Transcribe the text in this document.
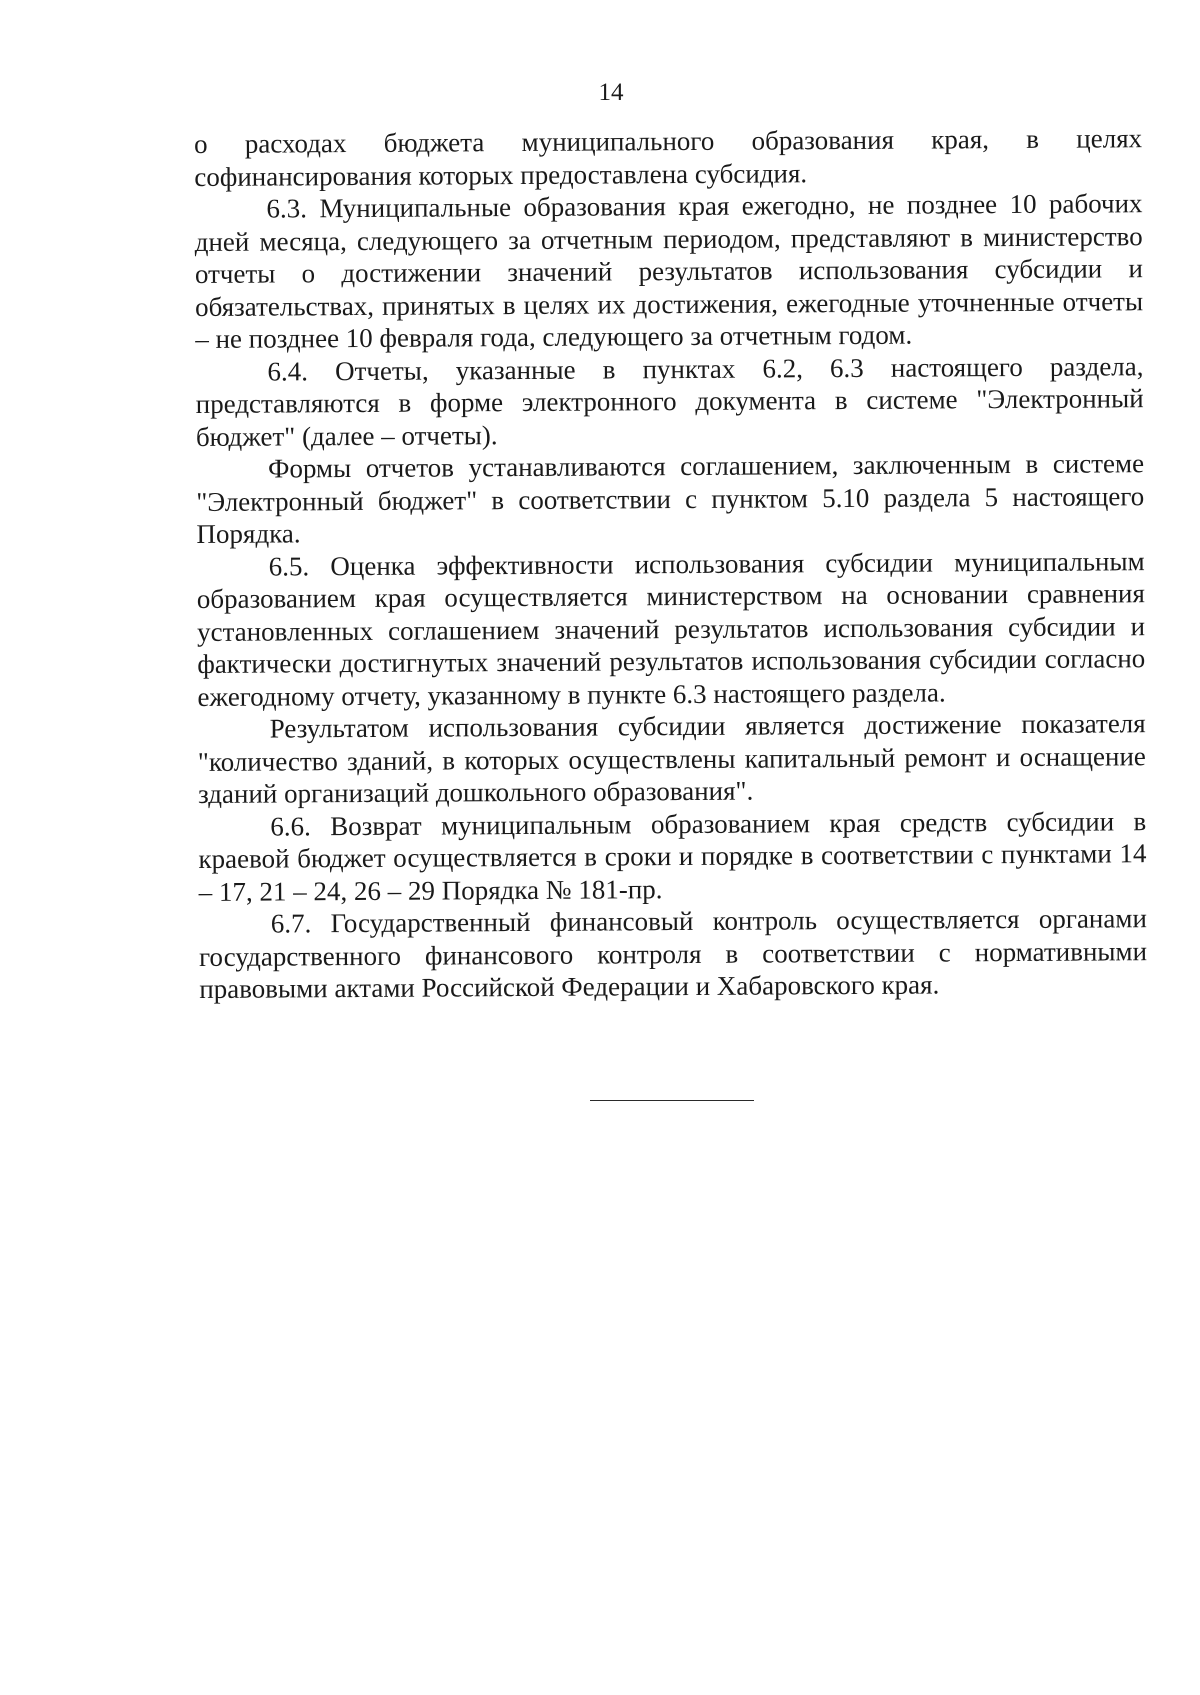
14

о расходах бюджета муниципального образования края, в целях софинансирования которых предоставлена субсидия.

6.3. Муниципальные образования края ежегодно, не позднее 10 рабочих дней месяца, следующего за отчетным периодом, представляют в министерство отчеты о достижении значений результатов использования субсидии и обязательствах, принятых в целях их достижения, ежегодные уточненные отчеты – не позднее 10 февраля года, следующего за отчетным годом.

6.4. Отчеты, указанные в пунктах 6.2, 6.3 настоящего раздела, представляются в форме электронного документа в системе "Электронный бюджет" (далее – отчеты).

Формы отчетов устанавливаются соглашением, заключенным в системе "Электронный бюджет" в соответствии с пунктом 5.10 раздела 5 настоящего Порядка.

6.5. Оценка эффективности использования субсидии муниципальным образованием края осуществляется министерством на основании сравнения установленных соглашением значений результатов использования субсидии и фактически достигнутых значений результатов использования субсидии согласно ежегодному отчету, указанному в пункте 6.3 настоящего раздела.

Результатом использования субсидии является достижение показателя "количество зданий, в которых осуществлены капитальный ремонт и оснащение зданий организаций дошкольного образования".

6.6. Возврат муниципальным образованием края средств субсидии в краевой бюджет осуществляется в сроки и порядке в соответствии с пунктами 14 – 17, 21 – 24, 26 – 29 Порядка № 181-пр.

6.7. Государственный финансовый контроль осуществляется органами государственного финансового контроля в соответствии с нормативными правовыми актами Российской Федерации и Хабаровского края.
